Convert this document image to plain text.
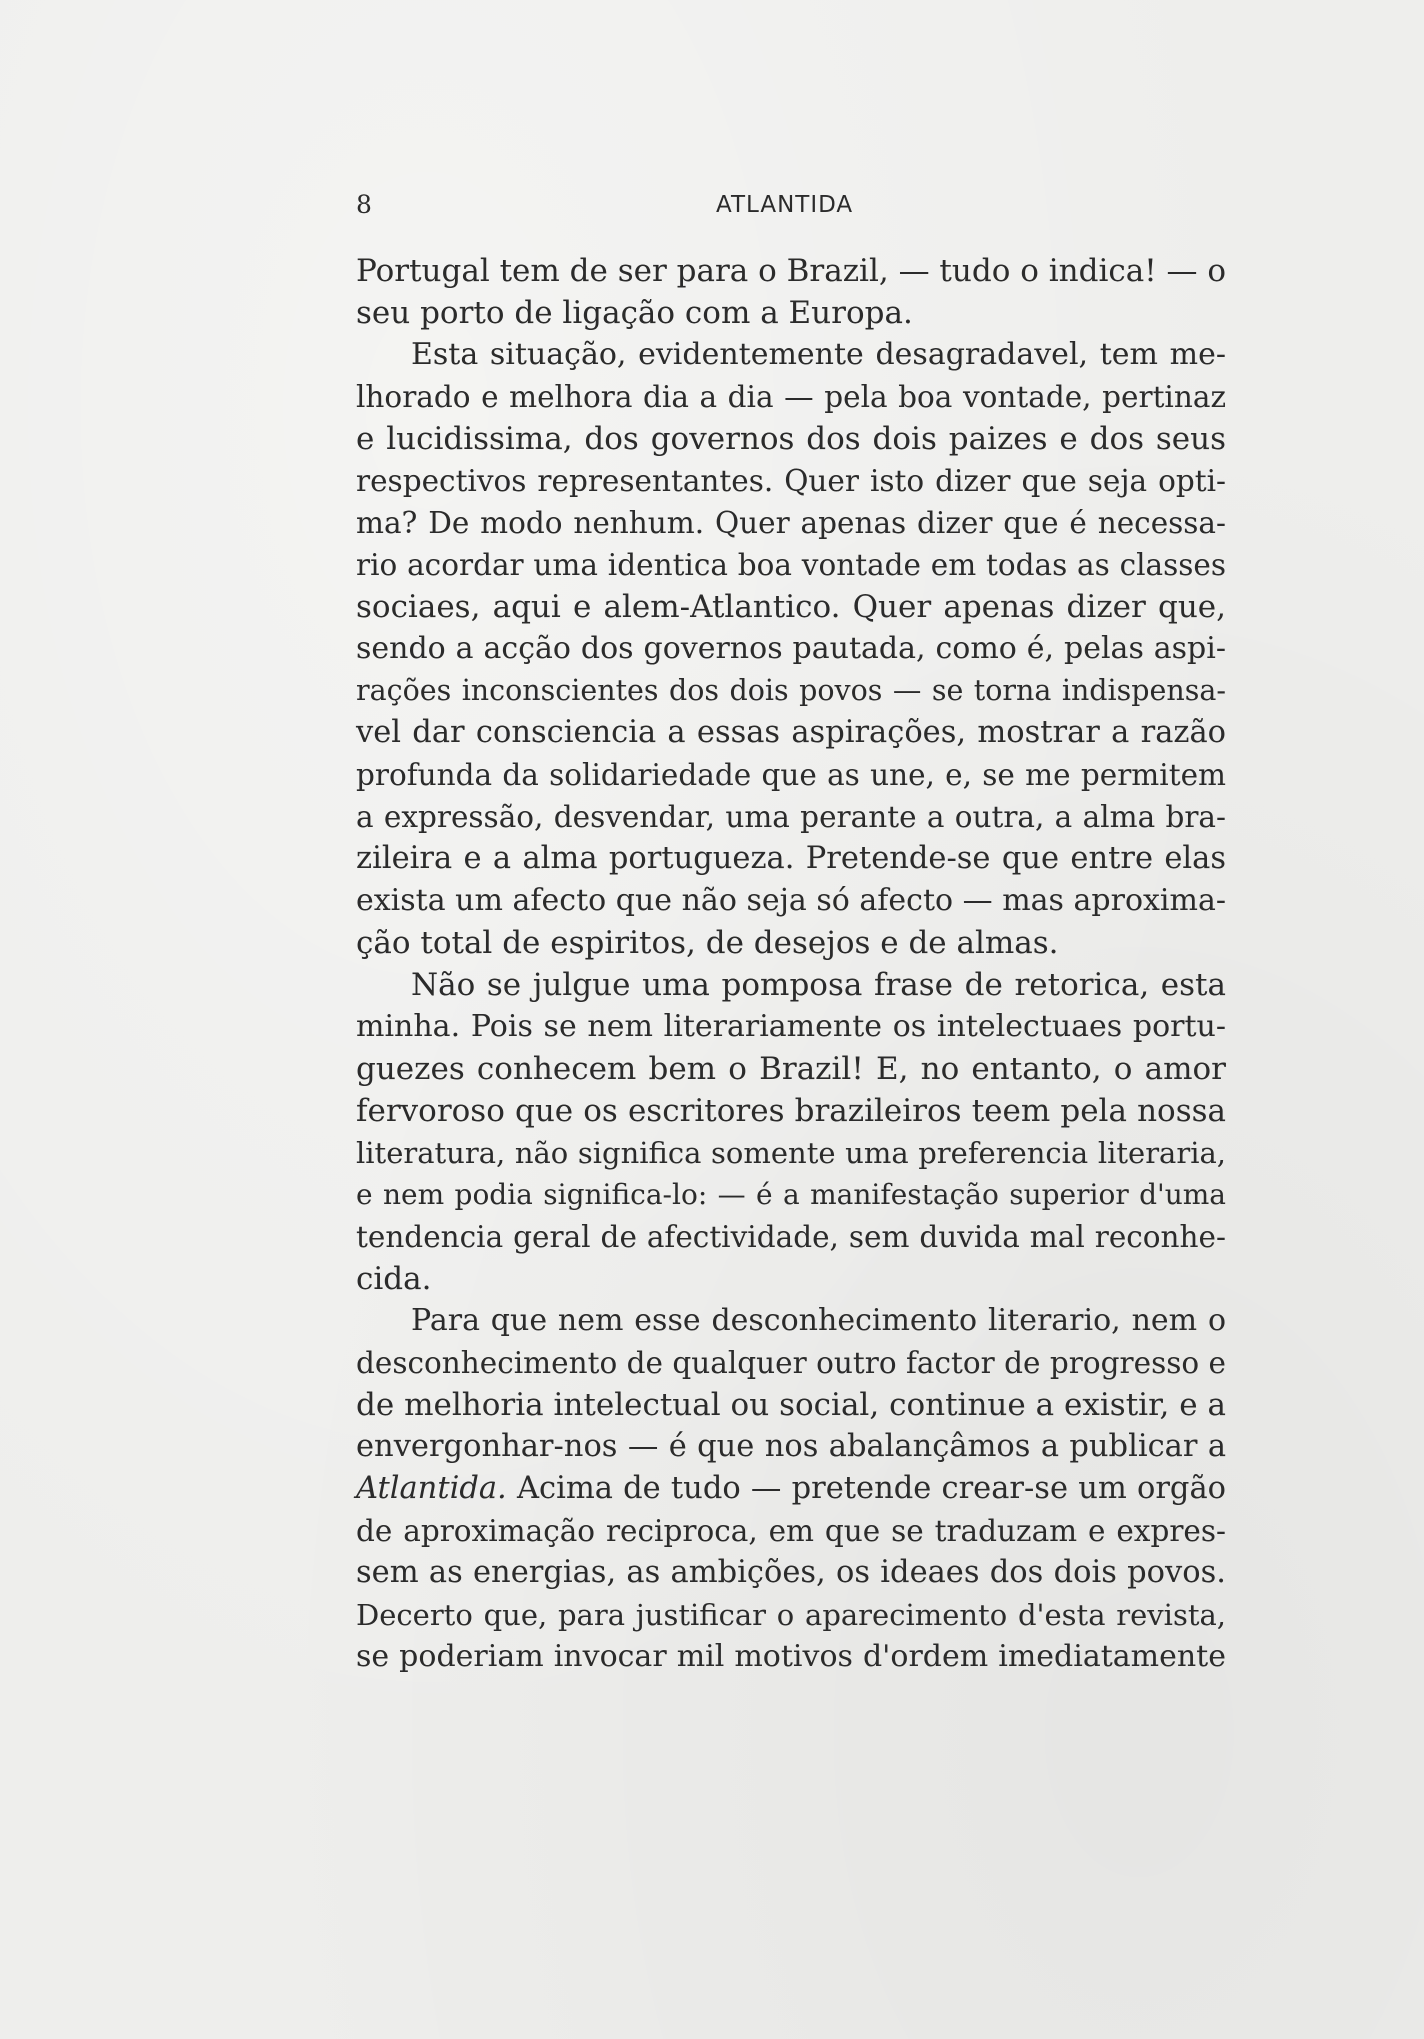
8	ATLANTIDA
Portugal tem de ser para o Brazil, — tudo o indica! — o
seu porto de ligação com a Europa.
Esta situação, evidentemente desagradavel, tem me-
lhorado e melhora dia a dia — pela boa vontade, pertinaz
e lucidissima, dos governos dos dois paizes e dos seus
respectivos representantes. Quer isto dizer que seja opti-
ma? De modo nenhum. Quer apenas dizer que é necessa-
rio acordar uma identica boa vontade em todas as classes
sociaes, aqui e alem-Atlantico. Quer apenas dizer que,
sendo a acção dos governos pautada, como é, pelas aspi-
rações inconscientes dos dois povos — se torna indispensa-
vel dar consciencia a essas aspirações, mostrar a razão
profunda da solidariedade que as une, e, se me permitem
a expressão, desvendar, uma perante a outra, a alma bra-
zileira e a alma portugueza. Pretende-se que entre elas
exista um afecto que não seja só afecto — mas aproxima-
ção total de espiritos, de desejos e de almas.
Não se julgue uma pomposa frase de retorica, esta
minha. Pois se nem literariamente os intelectuaes portu-
guezes conhecem bem o Brazil! E, no entanto, o amor
fervoroso que os escritores brazileiros teem pela nossa
literatura, não significa somente uma preferencia literaria,
e nem podia significa-lo: — é a manifestação superior d'uma
tendencia geral de afectividade, sem duvida mal reconhe-
cida.
Para que nem esse desconhecimento literario, nem o
desconhecimento de qualquer outro factor de progresso e
de melhoria intelectual ou social, continue a existir, e a
envergonhar-nos — é que nos abalançâmos a publicar a
Atlantida. Acima de tudo — pretende crear-se um orgão
de aproximação reciproca, em que se traduzam e expres-
sem as energias, as ambições, os ideaes dos dois povos.
Decerto que, para justificar o aparecimento d'esta revista,
se poderiam invocar mil motivos d'ordem imediatamente
